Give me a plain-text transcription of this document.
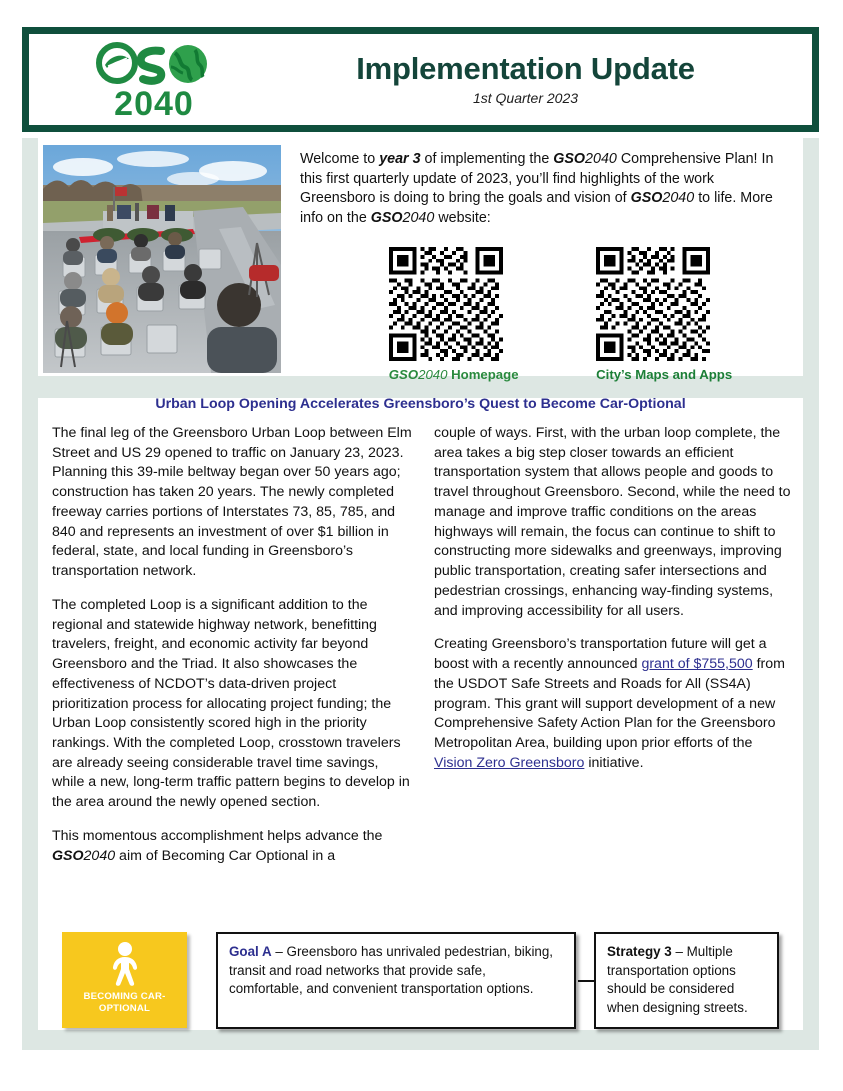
2040
Implementation Update
1st Quarter 2023
Welcome to year 3 of implementing the GSO2040 Comprehensive Plan! In this first quarterly update of 2023, you’ll find highlights of the work Greensboro is doing to bring the goals and vision of GSO2040 to life. More info on the GSO2040 website:
GSO2040 Homepage	City’s Maps and Apps
Urban Loop Opening Accelerates Greensboro’s Quest to Become Car-Optional

The final leg of the Greensboro Urban Loop between Elm Street and US 29 opened to traffic on January 23, 2023. Planning this 39-mile beltway began over 50 years ago; construction has taken 20 years. The newly completed freeway carries portions of Interstates 73, 85, 785, and 840 and represents an investment of over $1 billion in federal, state, and local funding in Greensboro’s transportation network.

The completed Loop is a significant addition to the regional and statewide highway network, benefitting travelers, freight, and economic activity far beyond Greensboro and the Triad. It also showcases the effectiveness of NCDOT’s data-driven project prioritization process for allocating project funding; the Urban Loop consistently scored high in the priority rankings. With the completed Loop, crosstown travelers are already seeing considerable travel time savings, while a new, long-term traffic pattern begins to develop in the area around the newly opened section.

This momentous accomplishment helps advance the GSO2040 aim of Becoming Car Optional in a

couple of ways. First, with the urban loop complete, the area takes a big step closer towards an efficient transportation system that allows people and goods to travel throughout Greensboro. Second, while the need to manage and improve traffic conditions on the areas highways will remain, the focus can continue to shift to constructing more sidewalks and greenways, improving public transportation, creating safer intersections and pedestrian crossings, enhancing way-finding systems, and improving accessibility for all users.

Creating Greensboro’s transportation future will get a boost with a recently announced grant of $755,500 from the USDOT Safe Streets and Roads for All (SS4A) program. This grant will support development of a new Comprehensive Safety Action Plan for the Greensboro Metropolitan Area, building upon prior efforts of the Vision Zero Greensboro initiative.

BECOMING CAR-OPTIONAL
Goal A – Greensboro has unrivaled pedestrian, biking, transit and road networks that provide safe, comfortable, and convenient transportation options.
Strategy 3 – Multiple transportation options should be considered when designing streets.
